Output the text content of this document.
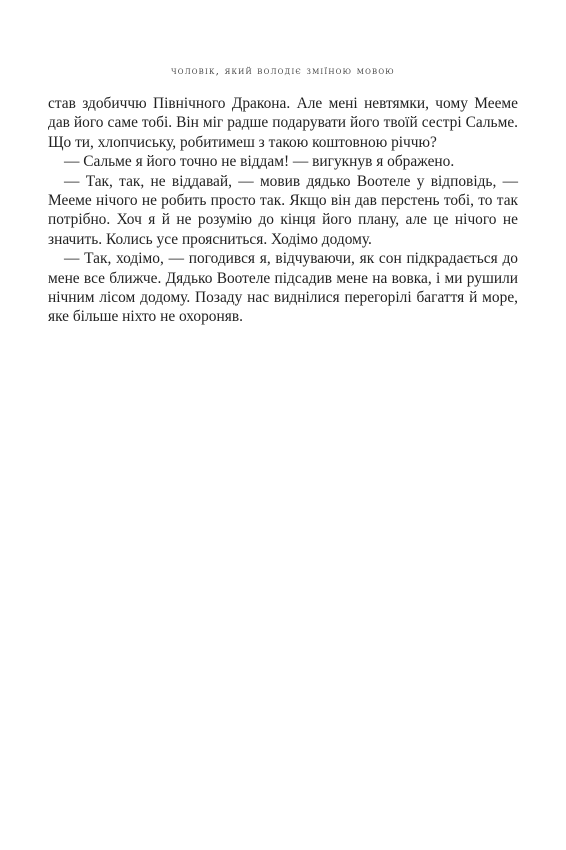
чоловік, який володіє зміїною мовою

став здобиччю Північного Дракона. Але мені невтямки, чому Мееме дав його саме тобі. Він міг радше подарувати його твоїй сестрі Сальме. Що ти, хлопчиську, робитимеш з такою коштовною річчю?

— Сальме я його точно не віддам! — вигукнув я ображено.

— Так, так, не віддавай, — мовив дядько Воотеле у відповідь, — Мееме нічого не робить просто так. Якщо він дав перстень тобі, то так потрібно. Хоч я й не розумію до кінця його плану, але це нічого не значить. Колись усе проясниться. Ходімо додому.

— Так, ходімо, — погодився я, відчуваючи, як сон підкрадається до мене все ближче. Дядько Воотеле підсадив мене на вовка, і ми рушили нічним лісом додому. Позаду нас виднілися перегорілі багаття й море, яке більше ніхто не охороняв.
